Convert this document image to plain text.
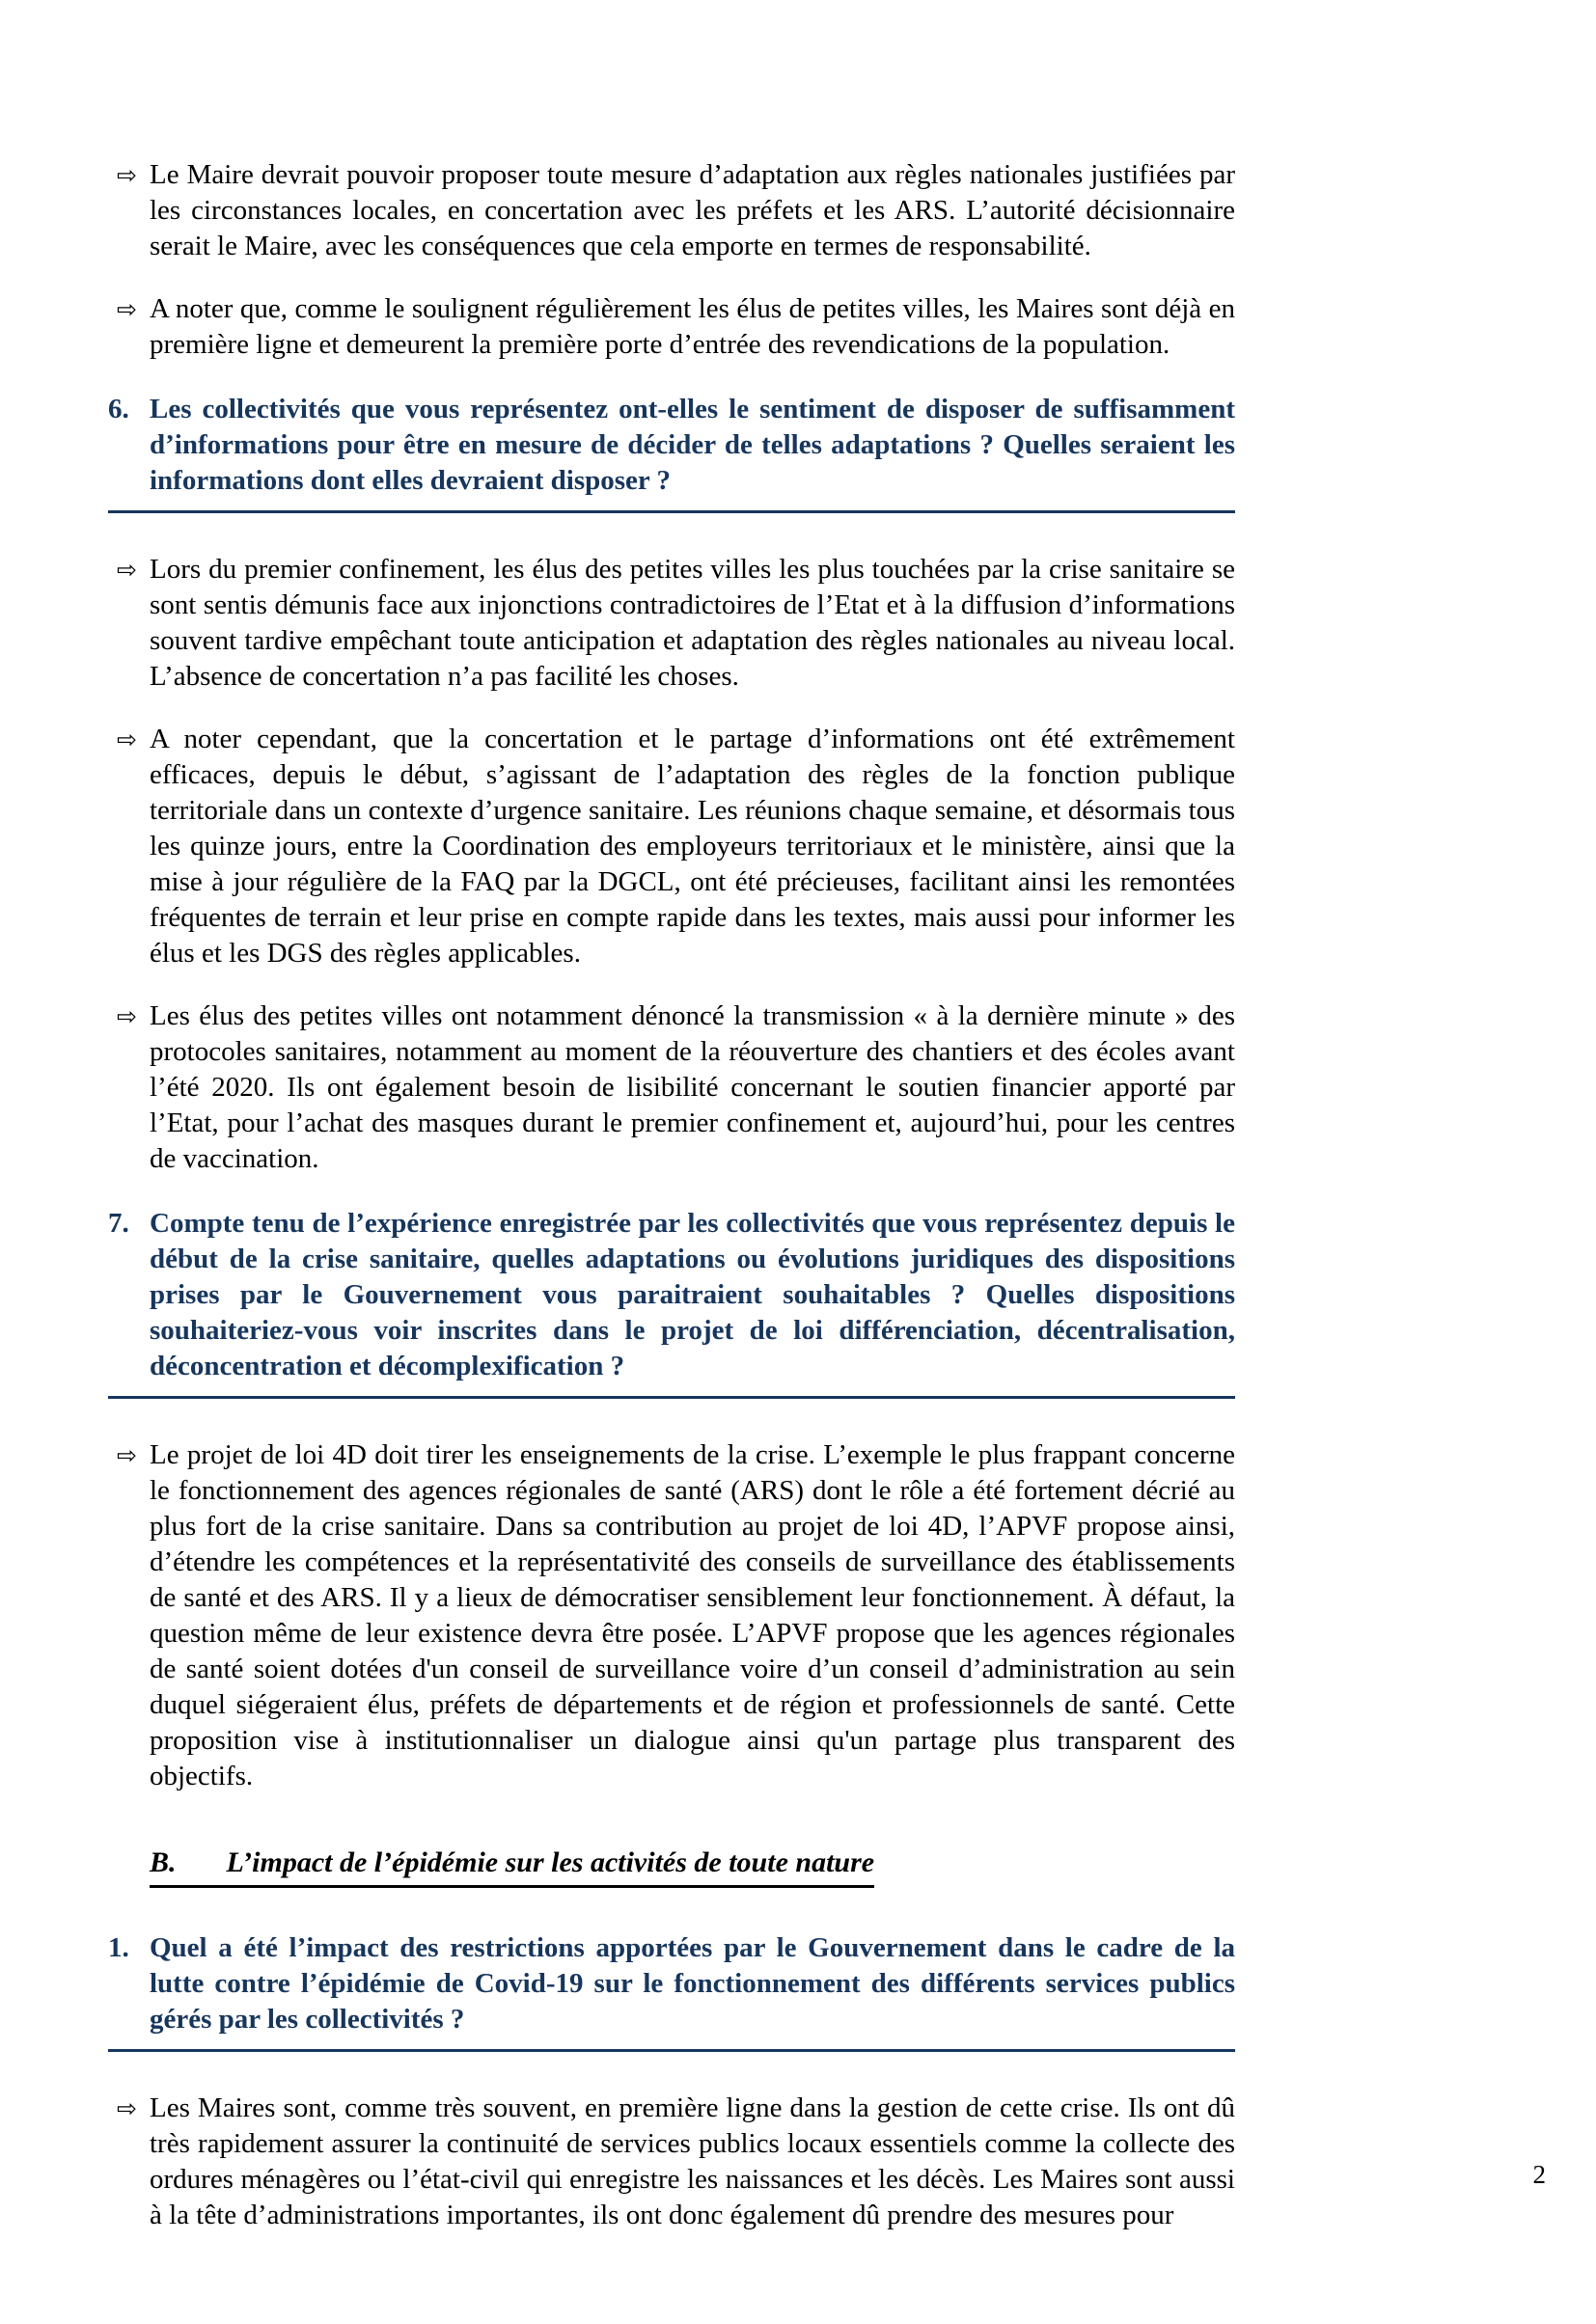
⇨ Le Maire devrait pouvoir proposer toute mesure d’adaptation aux règles nationales justifiées par les circonstances locales, en concertation avec les préfets et les ARS. L’autorité décisionnaire serait le Maire, avec les conséquences que cela emporte en termes de responsabilité.

⇨ A noter que, comme le soulignent régulièrement les élus de petites villes, les Maires sont déjà en première ligne et demeurent la première porte d’entrée des revendications de la population.

6. Les collectivités que vous représentez ont-elles le sentiment de disposer de suffisamment d’informations pour être en mesure de décider de telles adaptations ? Quelles seraient les informations dont elles devraient disposer ?

⇨ Lors du premier confinement, les élus des petites villes les plus touchées par la crise sanitaire se sont sentis démunis face aux injonctions contradictoires de l’Etat et à la diffusion d’informations souvent tardive empêchant toute anticipation et adaptation des règles nationales au niveau local. L’absence de concertation n’a pas facilité les choses.

⇨ A noter cependant, que la concertation et le partage d’informations ont été extrêmement efficaces, depuis le début, s’agissant de l’adaptation des règles de la fonction publique territoriale dans un contexte d’urgence sanitaire. Les réunions chaque semaine, et désormais tous les quinze jours, entre la Coordination des employeurs territoriaux et le ministère, ainsi que la mise à jour régulière de la FAQ par la DGCL, ont été précieuses, facilitant ainsi les remontées fréquentes de terrain et leur prise en compte rapide dans les textes, mais aussi pour informer les élus et les DGS des règles applicables.

⇨ Les élus des petites villes ont notamment dénoncé la transmission « à la dernière minute » des protocoles sanitaires, notamment au moment de la réouverture des chantiers et des écoles avant l’été 2020. Ils ont également besoin de lisibilité concernant le soutien financier apporté par l’Etat, pour l’achat des masques durant le premier confinement et, aujourd’hui, pour les centres de vaccination.

7. Compte tenu de l’expérience enregistrée par les collectivités que vous représentez depuis le début de la crise sanitaire, quelles adaptations ou évolutions juridiques des dispositions prises par le Gouvernement vous paraitraient souhaitables ? Quelles dispositions souhaiteriez-vous voir inscrites dans le projet de loi différenciation, décentralisation, déconcentration et décomplexification ?

⇨ Le projet de loi 4D doit tirer les enseignements de la crise. L’exemple le plus frappant concerne le fonctionnement des agences régionales de santé (ARS) dont le rôle a été fortement décrié au plus fort de la crise sanitaire. Dans sa contribution au projet de loi 4D, l’APVF propose ainsi, d’étendre les compétences et la représentativité des conseils de surveillance des établissements de santé et des ARS. Il y a lieux de démocratiser sensiblement leur fonctionnement. À défaut, la question même de leur existence devra être posée. L’APVF propose que les agences régionales de santé soient dotées d'un conseil de surveillance voire d’un conseil d’administration au sein duquel siégeraient élus, préfets de départements et de région et professionnels de santé. Cette proposition vise à institutionnaliser un dialogue ainsi qu'un partage plus transparent des objectifs.

B. L’impact de l’épidémie sur les activités de toute nature
1. Quel a été l’impact des restrictions apportées par le Gouvernement dans le cadre de la lutte contre l’épidémie de Covid-19 sur le fonctionnement des différents services publics gérés par les collectivités ?

⇨ Les Maires sont, comme très souvent, en première ligne dans la gestion de cette crise. Ils ont dû très rapidement assurer la continuité de services publics locaux essentiels comme la collecte des ordures ménagères ou l’état-civil qui enregistre les naissances et les décès. Les Maires sont aussi à la tête d’administrations importantes, ils ont donc également dû prendre des mesures pour

2
